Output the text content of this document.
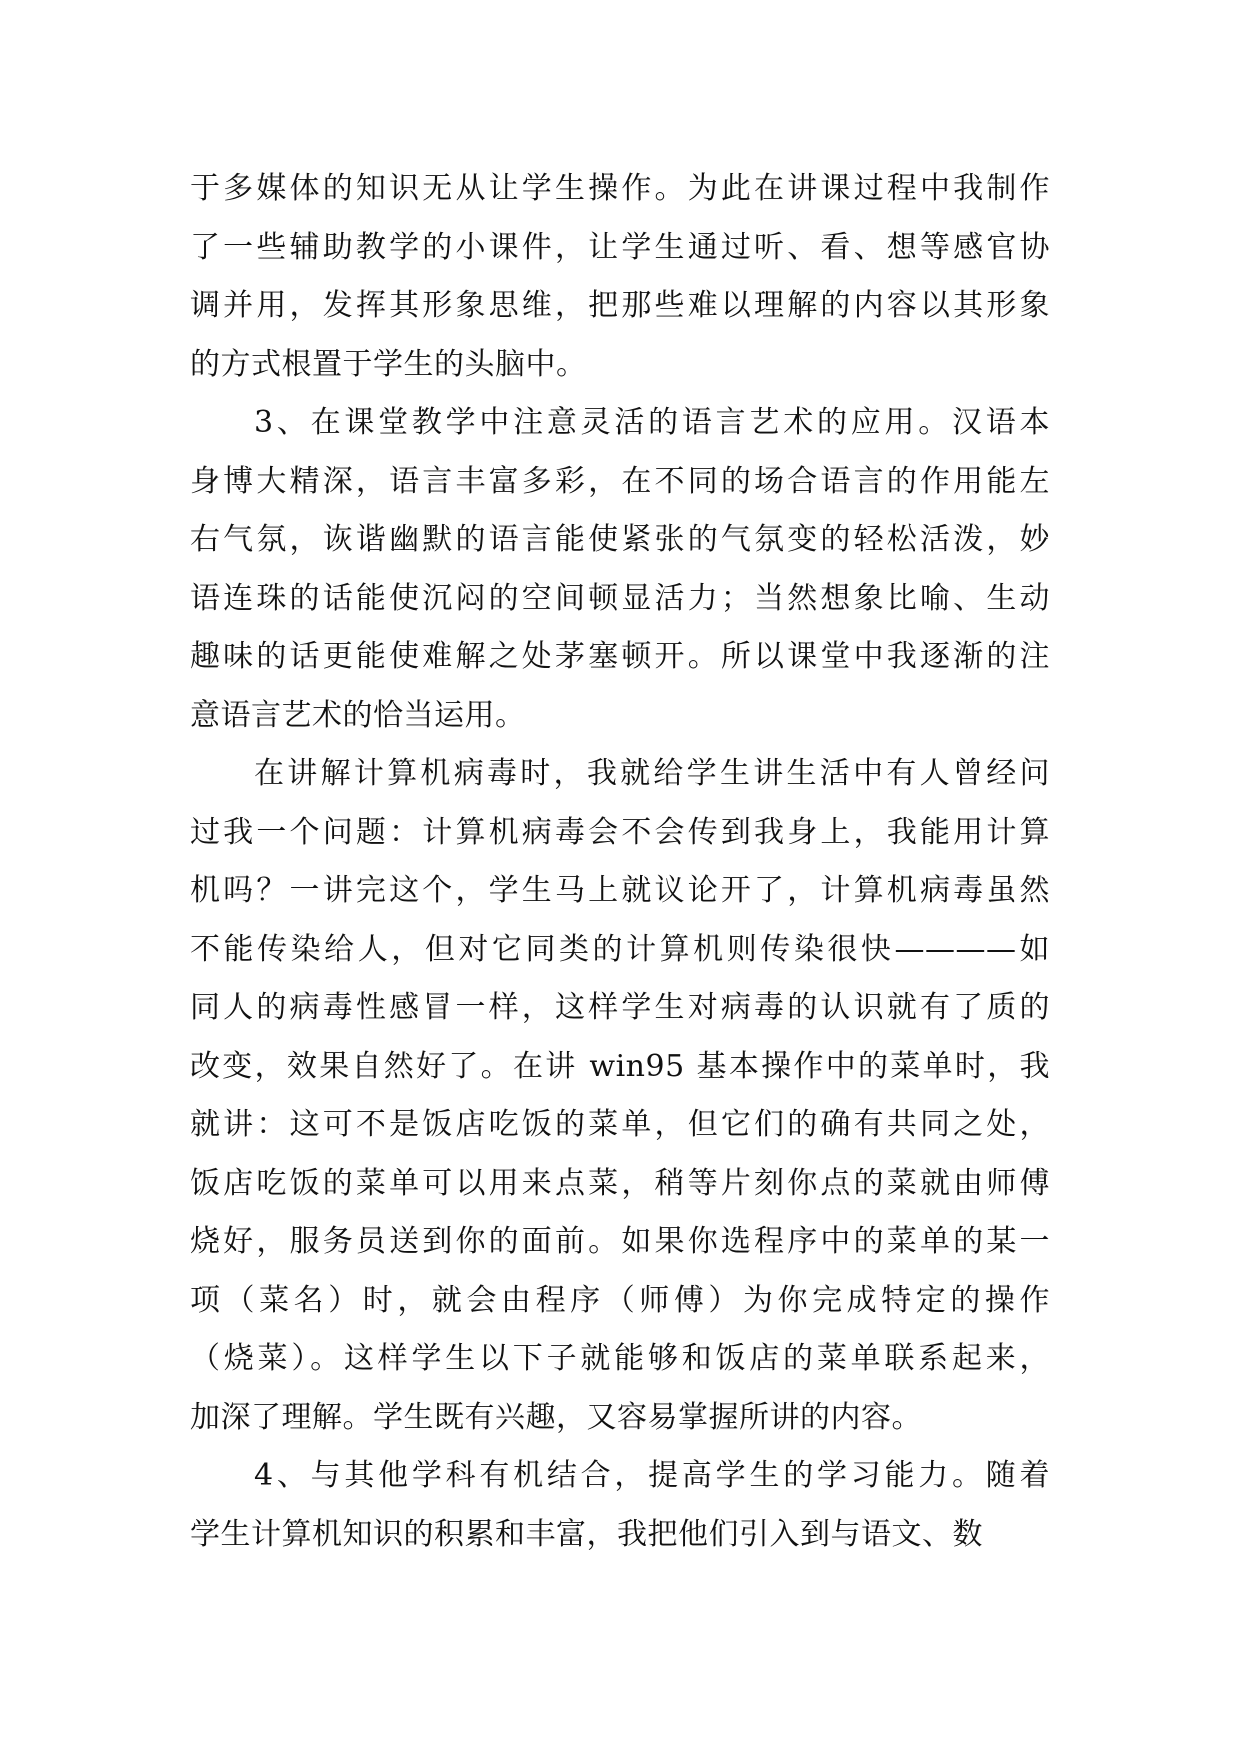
于多媒体的知识无从让学生操作。为此在讲课过程中我制作
了一些辅助教学的小课件，让学生通过听、看、想等感官协
调并用，发挥其形象思维，把那些难以理解的内容以其形象
的方式根置于学生的头脑中。
3、在课堂教学中注意灵活的语言艺术的应用。汉语本
身博大精深，语言丰富多彩，在不同的场合语言的作用能左
右气氛，诙谐幽默的语言能使紧张的气氛变的轻松活泼，妙
语连珠的话能使沉闷的空间顿显活力；当然想象比喻、生动
趣味的话更能使难解之处茅塞顿开。所以课堂中我逐渐的注
意语言艺术的恰当运用。
在讲解计算机病毒时，我就给学生讲生活中有人曾经问
过我一个问题：计算机病毒会不会传到我身上，我能用计算
机吗？一讲完这个，学生马上就议论开了，计算机病毒虽然
不能传染给人，但对它同类的计算机则传染很快————如
同人的病毒性感冒一样，这样学生对病毒的认识就有了质的
改变，效果自然好了。在讲 win95 基本操作中的菜单时，我
就讲：这可不是饭店吃饭的菜单，但它们的确有共同之处，
饭店吃饭的菜单可以用来点菜，稍等片刻你点的菜就由师傅
烧好，服务员送到你的面前。如果你选程序中的菜单的某一
项（菜名）时，就会由程序（师傅）为你完成特定的操作
（烧菜）。这样学生以下子就能够和饭店的菜单联系起来，
加深了理解。学生既有兴趣，又容易掌握所讲的内容。
4、与其他学科有机结合，提高学生的学习能力。随着
学生计算机知识的积累和丰富，我把他们引入到与语文、数
